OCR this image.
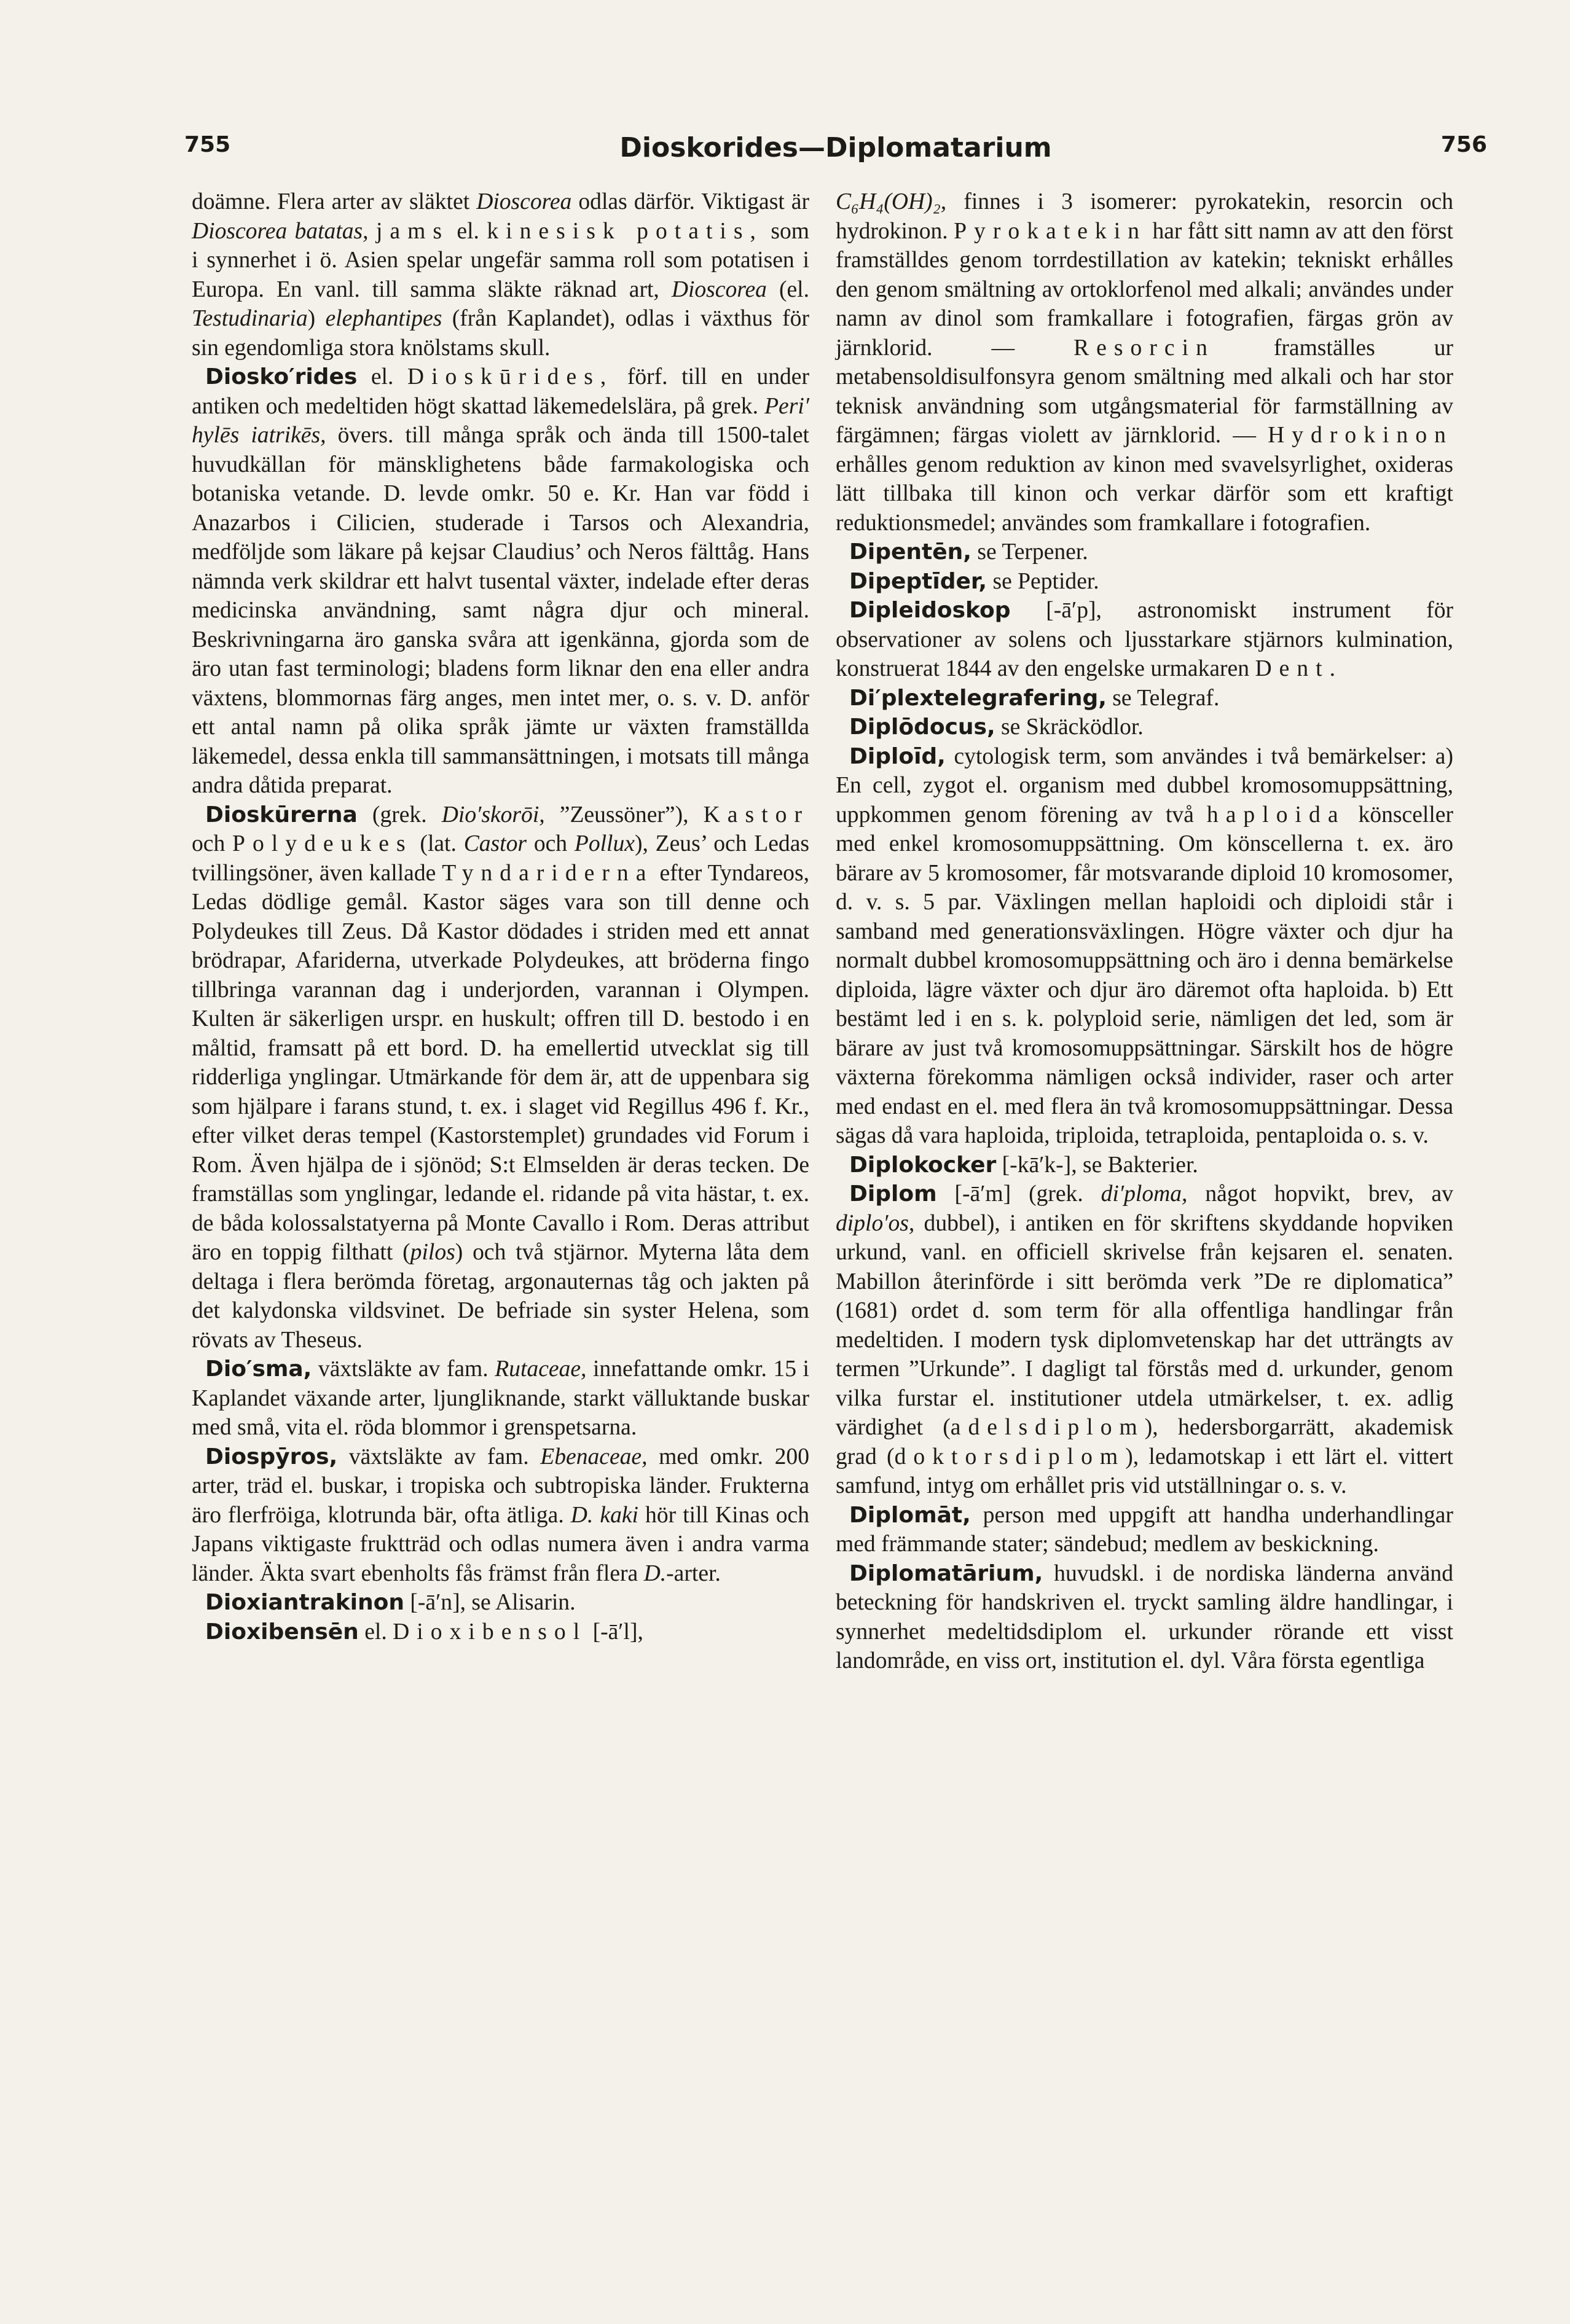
755	Dioskorides—Diplomatarium	756

doämne. Flera arter av släktet Dioscorea odlas därför. Viktigast är Dioscorea batatas, jams el. kinesisk potatis, som i synnerhet i ö. Asien spelar ungefär samma roll som potatisen i Europa. En vanl. till samma släkte räknad art, Dioscorea (el. Testudinaria) elephantipes (från Kaplandet), odlas i växthus för sin egendomliga stora knölstams skull.

Diosko′rides el. Dioskūrides, förf. till en under antiken och medeltiden högt skattad läkemedelslära, på grek. Peri′ hylēs iatrikēs, övers. till många språk och ända till 1500-talet huvudkällan för mänsklighetens både farmakologiska och botaniska vetande. D. levde omkr. 50 e. Kr. Han var född i Anazarbos i Cilicien, studerade i Tarsos och Alexandria, medföljde som läkare på kejsar Claudius’ och Neros fälttåg. Hans nämnda verk skildrar ett halvt tusental växter, indelade efter deras medicinska användning, samt några djur och mineral. Beskrivningarna äro ganska svåra att igenkänna, gjorda som de äro utan fast terminologi; bladens form liknar den ena eller andra växtens, blommornas färg anges, men intet mer, o. s. v. D. anför ett antal namn på olika språk jämte ur växten framställda läkemedel, dessa enkla till sammansättningen, i motsats till många andra dåtida preparat.

Dioskūrerna (grek. Dio′skorōi, ”Zeussöner”), Kastor och Polydeukes (lat. Castor och Pollux), Zeus’ och Ledas tvillingsöner, även kallade Tyndariderna efter Tyndareos, Ledas dödlige gemål. Kastor säges vara son till denne och Polydeukes till Zeus. Då Kastor dödades i striden med ett annat brödrapar, Afariderna, utverkade Polydeukes, att bröderna fingo tillbringa varannan dag i underjorden, varannan i Olympen. Kulten är säkerligen urspr. en huskult; offren till D. bestodo i en måltid, framsatt på ett bord. D. ha emellertid utvecklat sig till ridderliga ynglingar. Utmärkande för dem är, att de uppenbara sig som hjälpare i farans stund, t. ex. i slaget vid Regillus 496 f. Kr., efter vilket deras tempel (Kastorstemplet) grundades vid Forum i Rom. Även hjälpa de i sjönöd; S:t Elmselden är deras tecken. De framställas som ynglingar, ledande el. ridande på vita hästar, t. ex. de båda kolossalstatyerna på Monte Cavallo i Rom. Deras attribut äro en toppig filthatt (pilos) och två stjärnor. Myterna låta dem deltaga i flera berömda företag, argonauternas tåg och jakten på det kalydonska vildsvinet. De befriade sin syster Helena, som rövats av Theseus.

Dio′sma, växtsläkte av fam. Rutaceae, innefattande omkr. 15 i Kaplandet växande arter, ljungliknande, starkt välluktande buskar med små, vita el. röda blommor i grenspetsarna.

Diospȳros, växtsläkte av fam. Ebenaceae, med omkr. 200 arter, träd el. buskar, i tropiska och subtropiska länder. Frukterna äro flerfröiga, klotrunda bär, ofta ätliga. D. kaki hör till Kinas och Japans viktigaste fruktträd och odlas numera även i andra varma länder. Äkta svart ebenholts fås främst från flera D.-arter.

Dioxiantrakinon [-ā′n], se Alisarin.

Dioxibensēn el. Dioxibensol [-ā′l],

C₆H₄(OH)₂, finnes i 3 isomerer: pyrokatekin, resorcin och hydrokinon. Pyrokatekin har fått sitt namn av att den först framställdes genom torrdestillation av katekin; tekniskt erhålles den genom smältning av ortoklorfenol med alkali; användes under namn av dinol som framkallare i fotografien, färgas grön av järnklorid. — Resorcin framställes ur metabensoldisulfonsyra genom smältning med alkali och har stor teknisk användning som utgångsmaterial för farmställning av färgämnen; färgas violett av järnklorid. — Hydrokinon erhålles genom reduktion av kinon med svavelsyrlighet, oxideras lätt tillbaka till kinon och verkar därför som ett kraftigt reduktionsmedel; användes som framkallare i fotografien.

Dipentēn, se Terpener.

Dipeptīder, se Peptider.

Dipleidoskop [-ā′p], astronomiskt instrument för observationer av solens och ljusstarkare stjärnors kulmination, konstruerat 1844 av den engelske urmakaren Dent.

Di′plextelegrafering, se Telegraf.

Diplōdocus, se Skräcködlor.

Diploīd, cytologisk term, som användes i två bemärkelser: a) En cell, zygot el. organism med dubbel kromosomuppsättning, uppkommen genom förening av två haploida könsceller med enkel kromosomuppsättning. Om könscellerna t. ex. äro bärare av 5 kromosomer, får motsvarande diploid 10 kromosomer, d. v. s. 5 par. Växlingen mellan haploidi och diploidi står i samband med generationsväxlingen. Högre växter och djur ha normalt dubbel kromosomuppsättning och äro i denna bemärkelse diploida, lägre växter och djur äro däremot ofta haploida. b) Ett bestämt led i en s. k. polyploid serie, nämligen det led, som är bärare av just två kromosomuppsättningar. Särskilt hos de högre växterna förekomma nämligen också individer, raser och arter med endast en el. med flera än två kromosomuppsättningar. Dessa sägas då vara haploida, triploida, tetraploida, pentaploida o. s. v.

Diplokocker [-kā′k-], se Bakterier.

Diplom [-ā′m] (grek. di′ploma, något hopvikt, brev, av diplo′os, dubbel), i antiken en för skriftens skyddande hopviken urkund, vanl. en officiell skrivelse från kejsaren el. senaten. Mabillon återinförde i sitt berömda verk ”De re diplomatica” (1681) ordet d. som term för alla offentliga handlingar från medeltiden. I modern tysk diplomvetenskap har det utträngts av termen ”Urkunde”. I dagligt tal förstås med d. urkunder, genom vilka furstar el. institutioner utdela utmärkelser, t. ex. adlig värdighet (adelsdiplom), hedersborgarrätt, akademisk grad (doktorsdiplom), ledamotskap i ett lärt el. vittert samfund, intyg om erhållet pris vid utställningar o. s. v.

Diplomāt, person med uppgift att handha underhandlingar med främmande stater; sändebud; medlem av beskickning.

Diplomatārium, huvudskl. i de nordiska länderna använd beteckning för handskriven el. tryckt samling äldre handlingar, i synnerhet medeltidsdiplom el. urkunder rörande ett visst landområde, en viss ort, institution el. dyl. Våra första egentliga
